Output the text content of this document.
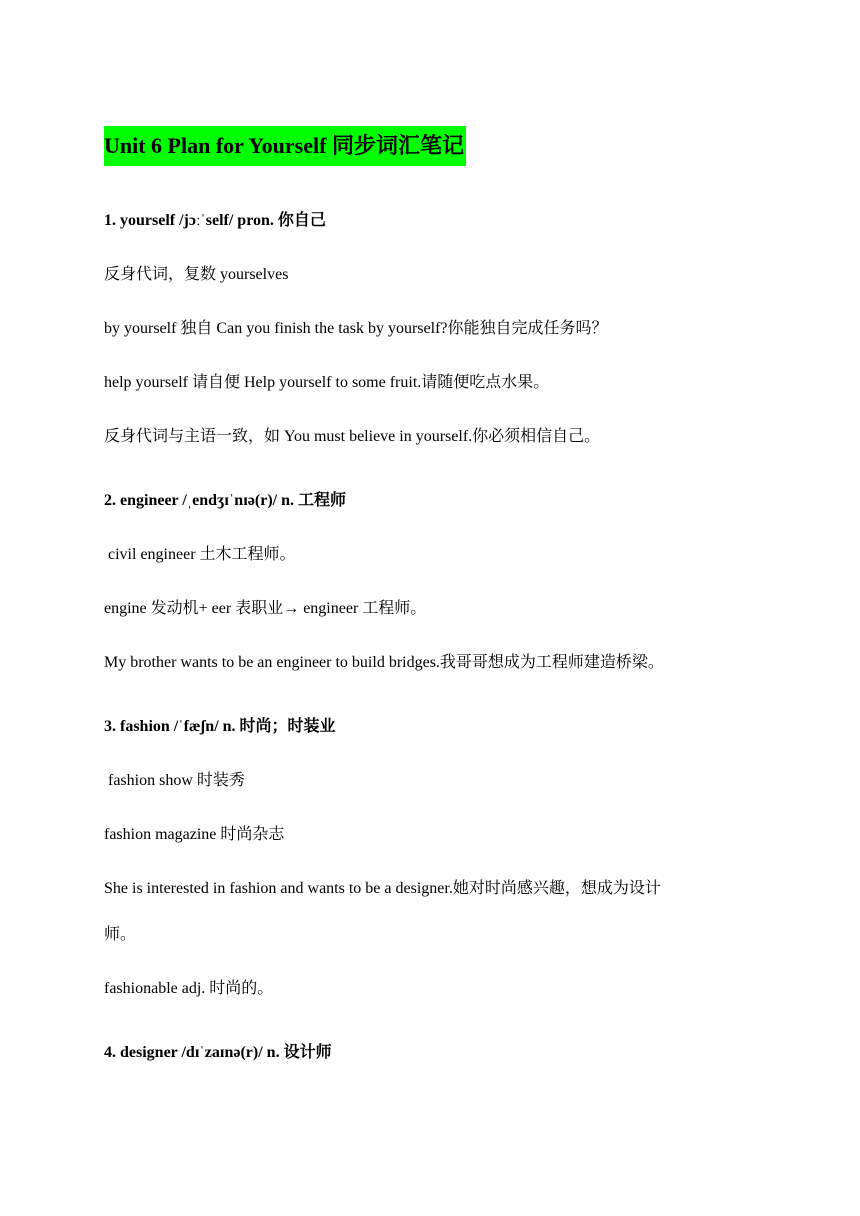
Unit 6 Plan for Yourself 同步词汇笔记
1. yourself /jɔːˈself/ pron. 你自己
反身代词，复数 yourselves
by yourself 独自 Can you finish the task by yourself?你能独自完成任务吗？
help yourself 请自便 Help yourself to some fruit.请随便吃点水果。
反身代词与主语一致，如 You must believe in yourself.你必须相信自己。
2. engineer /ˌendʒɪˈnɪə(r)/ n. 工程师
civil engineer 土木工程师。
engine 发动机+ eer 表职业→ engineer 工程师。
My brother wants to be an engineer to build bridges.我哥哥想成为工程师建造桥梁。
3. fashion /ˈfæʃn/ n. 时尚；时装业
fashion show 时装秀
fashion magazine 时尚杂志
She is interested in fashion and wants to be a designer.她对时尚感兴趣，想成为设计
师。
fashionable adj. 时尚的。
4. designer /dɪˈzaɪnə(r)/ n. 设计师
